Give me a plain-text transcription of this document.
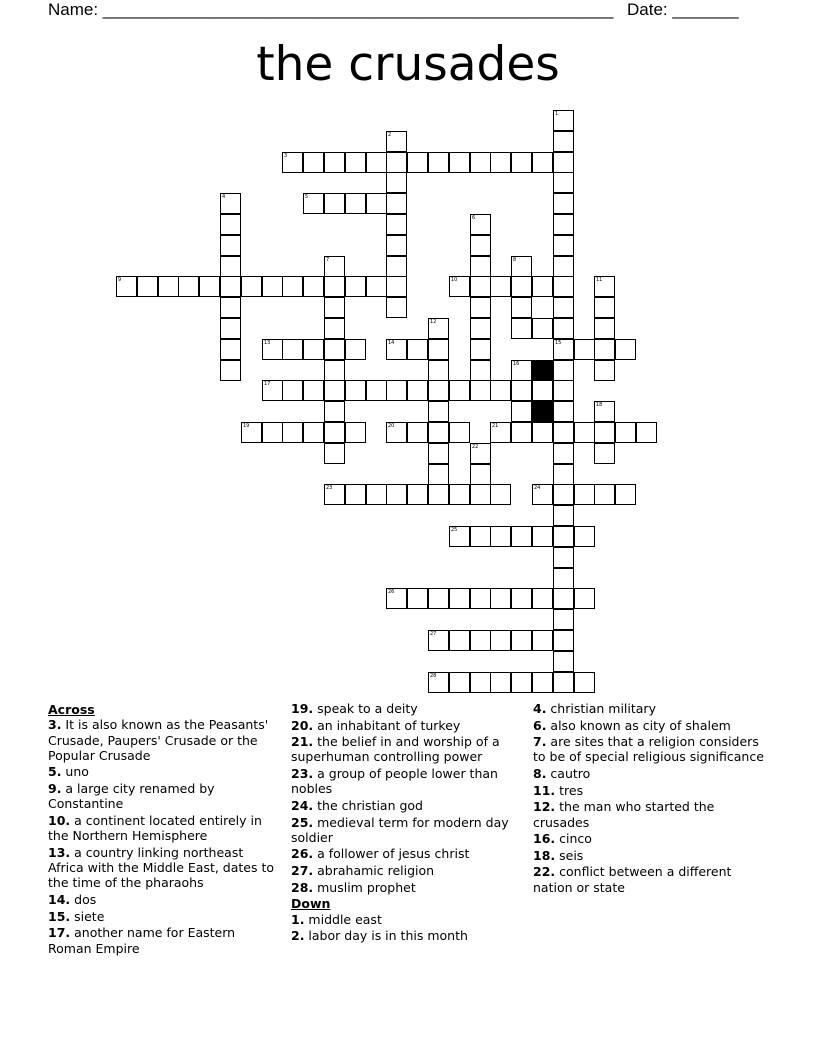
Name: ______________________________________________________ Date: _______
the crusades
1
2
3
4	5
6
7	8
9	10	11
12
13	14	15
16
17
18
19	20	21
22
23	24
25
26
27
28
Across
3. It is also known as the Peasants' Crusade, Paupers' Crusade or the Popular Crusade
5. uno
9. a large city renamed by Constantine
10. a continent located entirely in the Northern Hemisphere
13. a country linking northeast Africa with the Middle East, dates to the time of the pharaohs
14. dos
15. siete
17. another name for Eastern Roman Empire
19. speak to a deity
20. an inhabitant of turkey
21. the belief in and worship of a superhuman controlling power
23. a group of people lower than nobles
24. the christian god
25. medieval term for modern day soldier
26. a follower of jesus christ
27. abrahamic religion
28. muslim prophet
Down
1. middle east
2. labor day is in this month
4. christian military
6. also known as city of shalem
7. are sites that a religion considers to be of special religious significance
8. cautro
11. tres
12. the man who started the crusades
16. cinco
18. seis
22. conflict between a different nation or state
